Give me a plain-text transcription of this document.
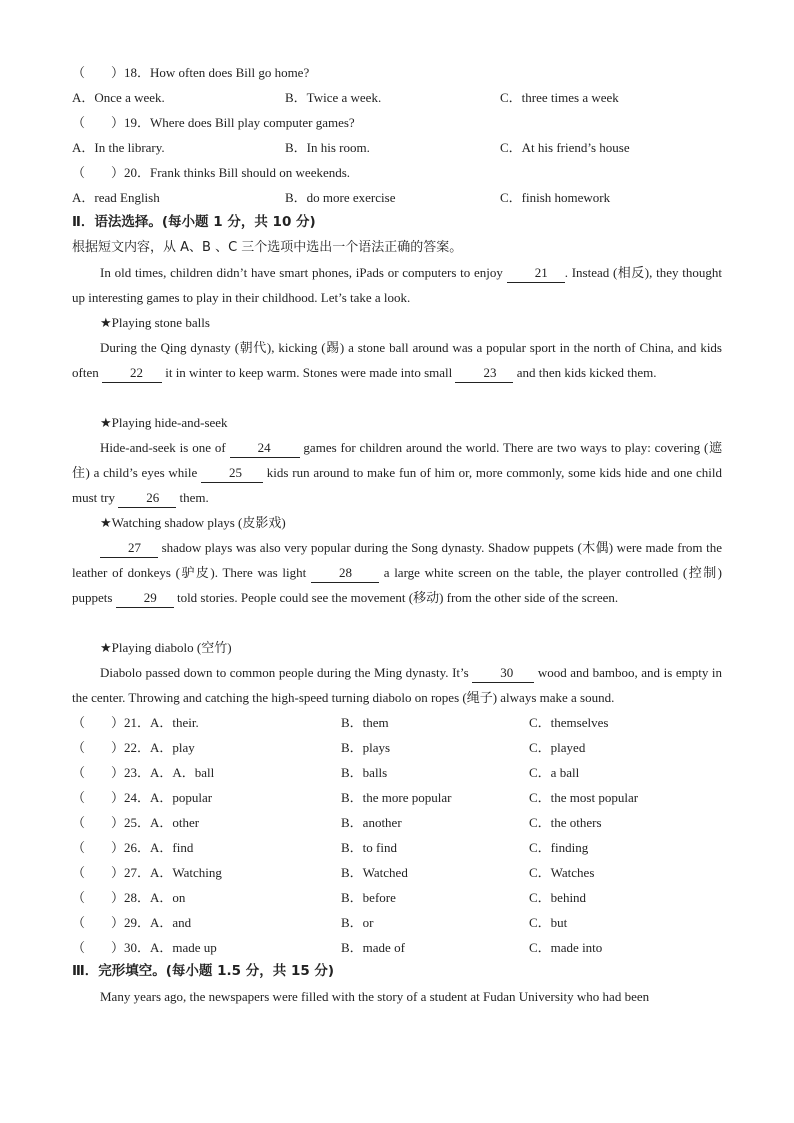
（　　）18．How often does Bill go home?
A．Once a week.	B．Twice a week.	C．three times a week
（　　）19．Where does Bill play computer games?
A．In the library.	B．In his room.	C．At his friend’s house
（　　）20．Frank thinks Bill should on weekends.
A．read English	B．do more exercise	C．finish homework
Ⅱ．语法选择。(每小题 1 分，共 10 分)
根据短文内容，从 A、B 、C 三个选项中选出一个语法正确的答案。
In old times, children didn’t have smart phones, iPads or computers to enjoy 21 . Instead (相反), they thought up interesting games to play in their childhood. Let’s take a look.
★Playing stone balls
During the Qing dynasty (朝代), kicking (踢) a stone ball around was a popular sport in the north of China, and kids often 22 it in winter to keep warm. Stones were made into small 23 and then kids kicked them.
★Playing hide-and-seek
Hide-and-seek is one of 24 games for children around the world. There are two ways to play: covering (遮住) a child’s eyes while 25 kids run around to make fun of him or, more commonly, some kids hide and one child must try 26 them.
★Watching shadow plays (皮影戏)
27 shadow plays was also very popular during the Song dynasty. Shadow puppets (木偶) were made from the leather of donkeys (驴皮). There was light 28 a large white screen on the table, the player controlled (控制) puppets 29 told stories. People could see the movement (移动) from the other side of the screen.
★Playing diabolo (空竹)
Diabolo passed down to common people during the Ming dynasty. It’s 30 wood and bamboo, and is empty in the center. Throwing and catching the high-speed turning diabolo on ropes (绳子) always make a sound.
（　　）21．A．their.	B．them	C．themselves
（　　）22．A．play	B．plays	C．played
（　　）23．A．A．ball	B．balls	C．a ball
（　　）24．A．popular	B．the more popular	C．the most popular
（　　）25．A．other	B．another	C．the others
（　　）26．A．find	B．to find	C．finding
（　　）27．A．Watching	B．Watched	C．Watches
（　　）28．A．on	B．before	C．behind
（　　）29．A．and	B．or	C．but
（　　）30．A．made up	B．made of	C．made into
Ⅲ．完形填空。(每小题 1.5 分，共 15 分)
Many years ago, the newspapers were filled with the story of a student at Fudan University who had been
